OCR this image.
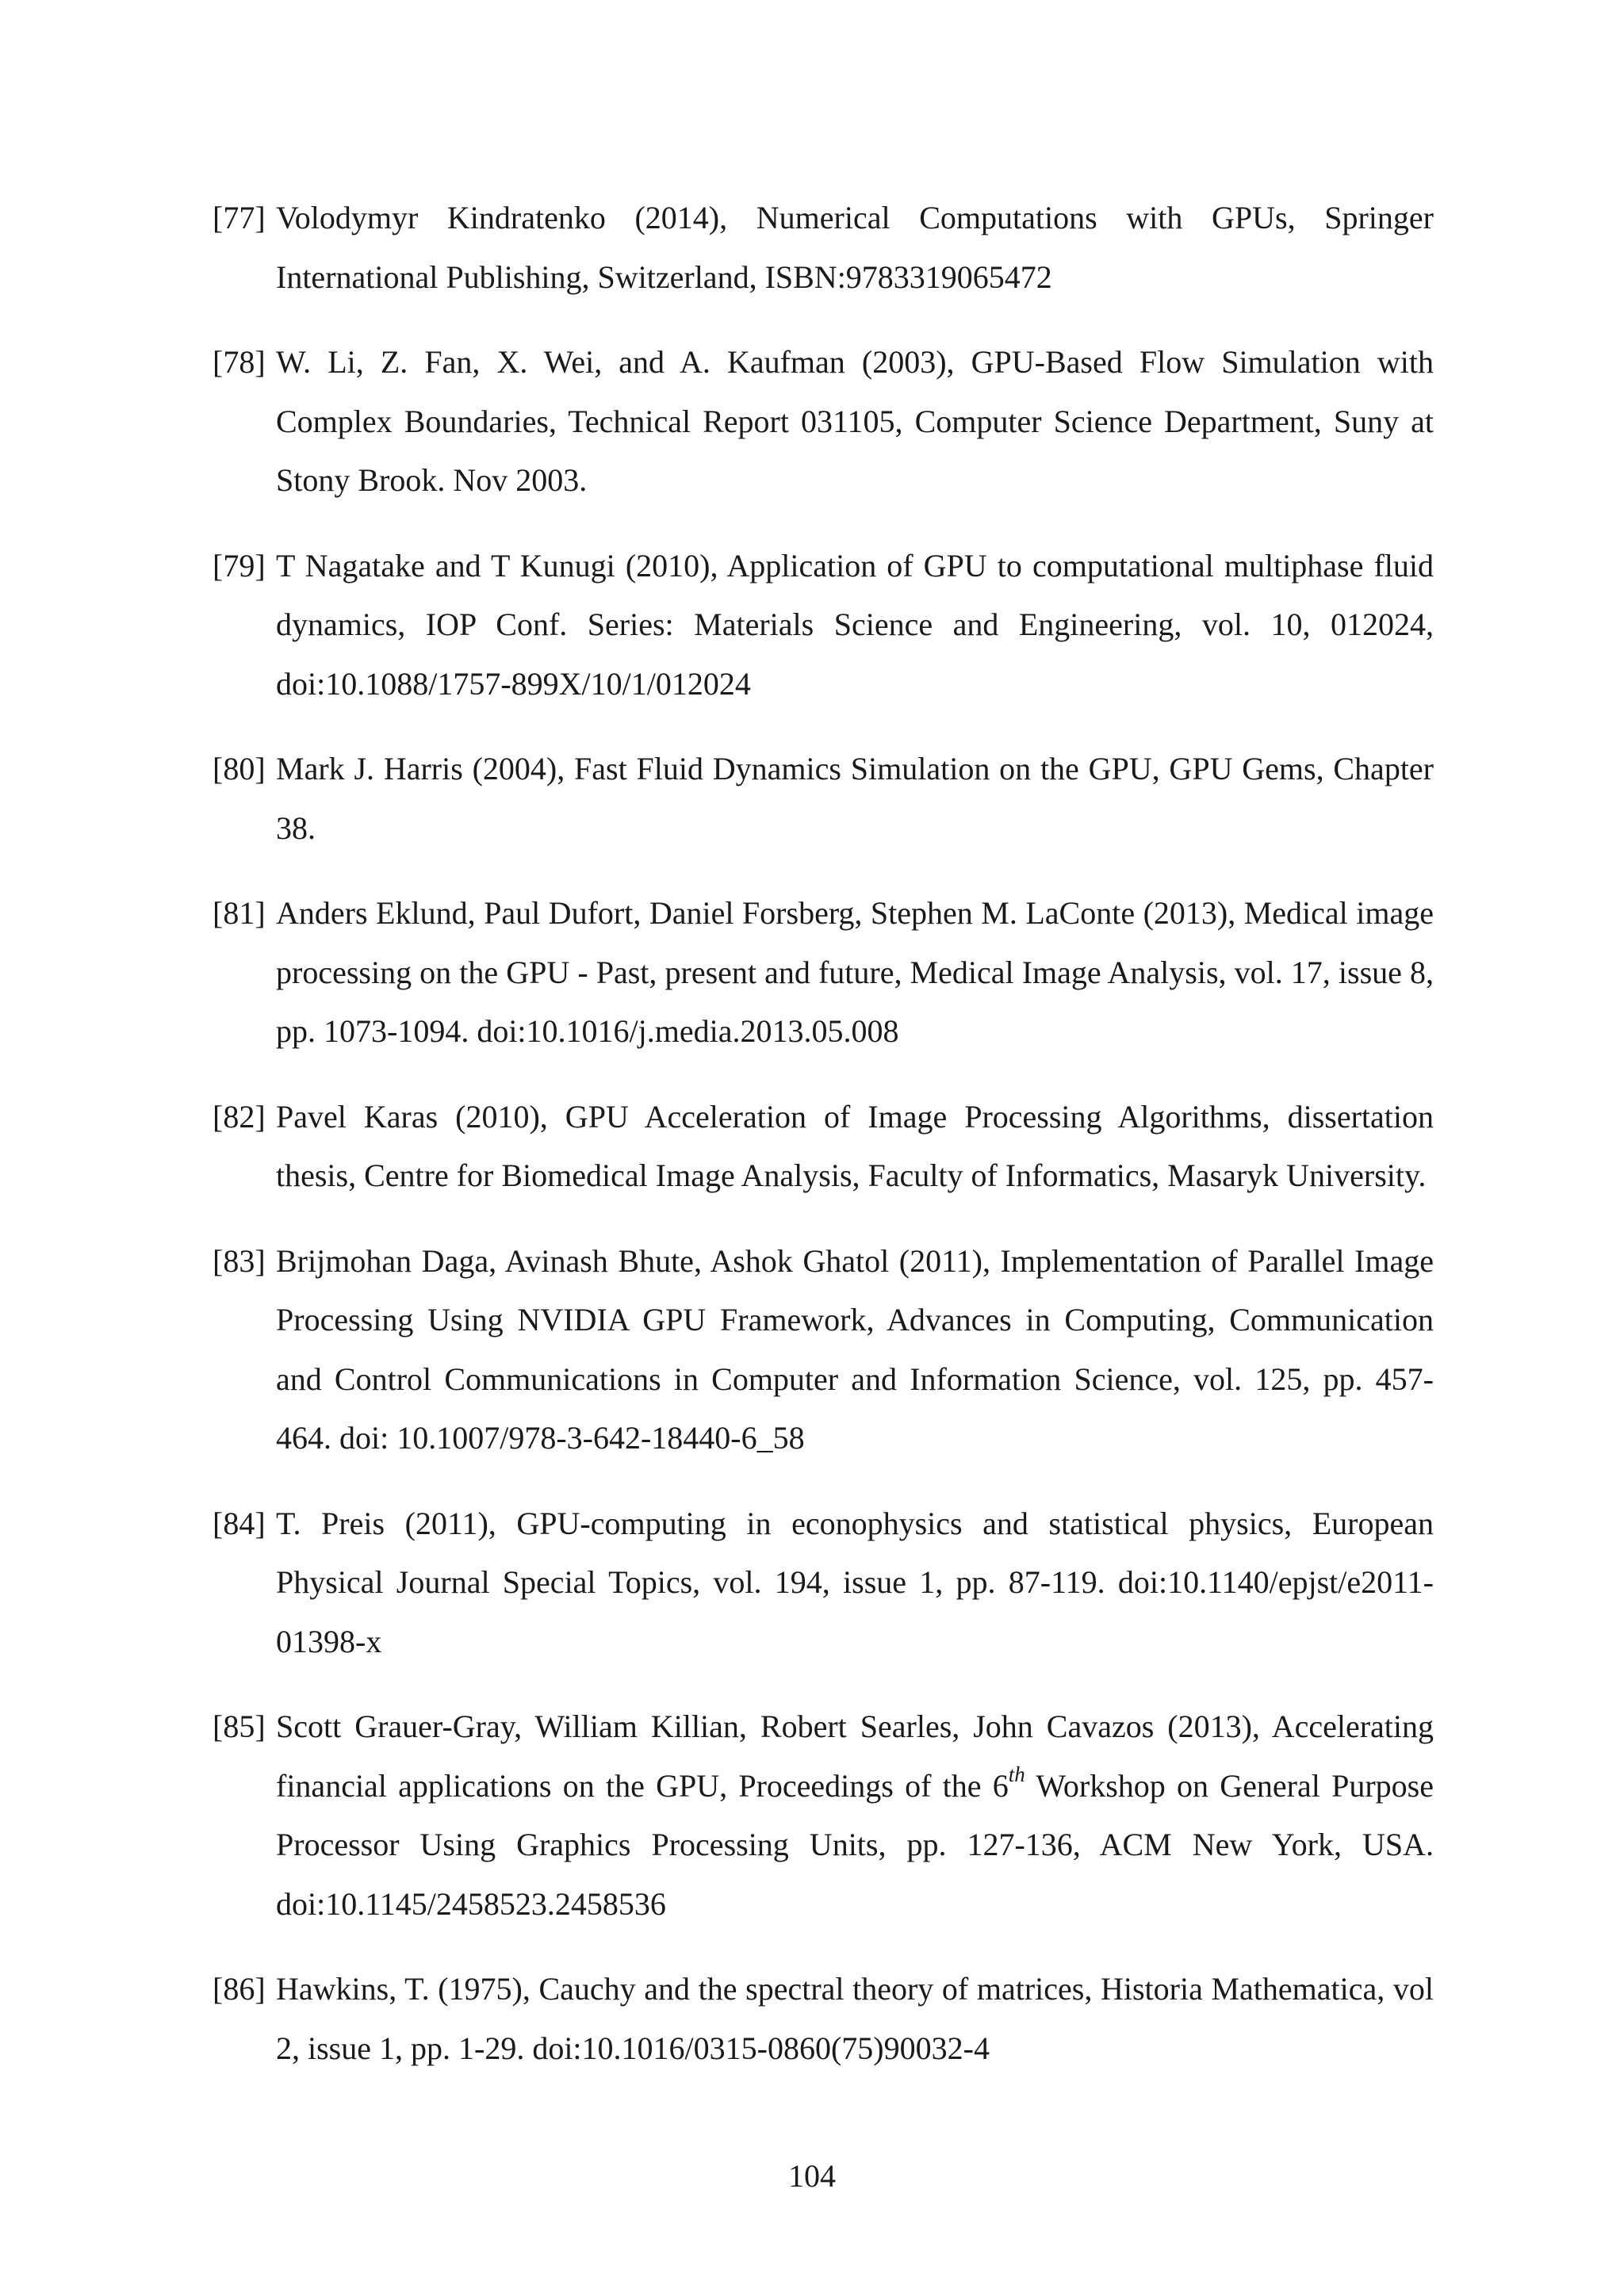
[77] Volodymyr Kindratenko (2014), Numerical Computations with GPUs, Springer International Publishing, Switzerland, ISBN:9783319065472
[78] W. Li, Z. Fan, X. Wei, and A. Kaufman (2003), GPU-Based Flow Simulation with Complex Boundaries, Technical Report 031105, Computer Science Department, Suny at Stony Brook. Nov 2003.
[79] T Nagatake and T Kunugi (2010), Application of GPU to computational multiphase fluid dynamics, IOP Conf. Series: Materials Science and Engineering, vol. 10, 012024, doi:10.1088/1757-899X/10/1/012024
[80] Mark J. Harris (2004), Fast Fluid Dynamics Simulation on the GPU, GPU Gems, Chapter 38.
[81] Anders Eklund, Paul Dufort, Daniel Forsberg, Stephen M. LaConte (2013), Medical image processing on the GPU - Past, present and future, Medical Image Analysis, vol. 17, issue 8, pp. 1073-1094. doi:10.1016/j.media.2013.05.008
[82] Pavel Karas (2010), GPU Acceleration of Image Processing Algorithms, dissertation thesis, Centre for Biomedical Image Analysis, Faculty of Informatics, Masaryk University.
[83] Brijmohan Daga, Avinash Bhute, Ashok Ghatol (2011), Implementation of Parallel Image Processing Using NVIDIA GPU Framework, Advances in Computing, Communication and Control Communications in Computer and Information Science, vol. 125, pp. 457-464. doi: 10.1007/978-3-642-18440-6_58
[84] T. Preis (2011), GPU-computing in econophysics and statistical physics, European Physical Journal Special Topics, vol. 194, issue 1, pp. 87-119. doi:10.1140/epjst/e2011-01398-x
[85] Scott Grauer-Gray, William Killian, Robert Searles, John Cavazos (2013), Accelerating financial applications on the GPU, Proceedings of the 6th Workshop on General Purpose Processor Using Graphics Processing Units, pp. 127-136, ACM New York, USA. doi:10.1145/2458523.2458536
[86] Hawkins, T. (1975), Cauchy and the spectral theory of matrices, Historia Mathematica, vol 2, issue 1, pp. 1-29. doi:10.1016/0315-0860(75)90032-4
104
